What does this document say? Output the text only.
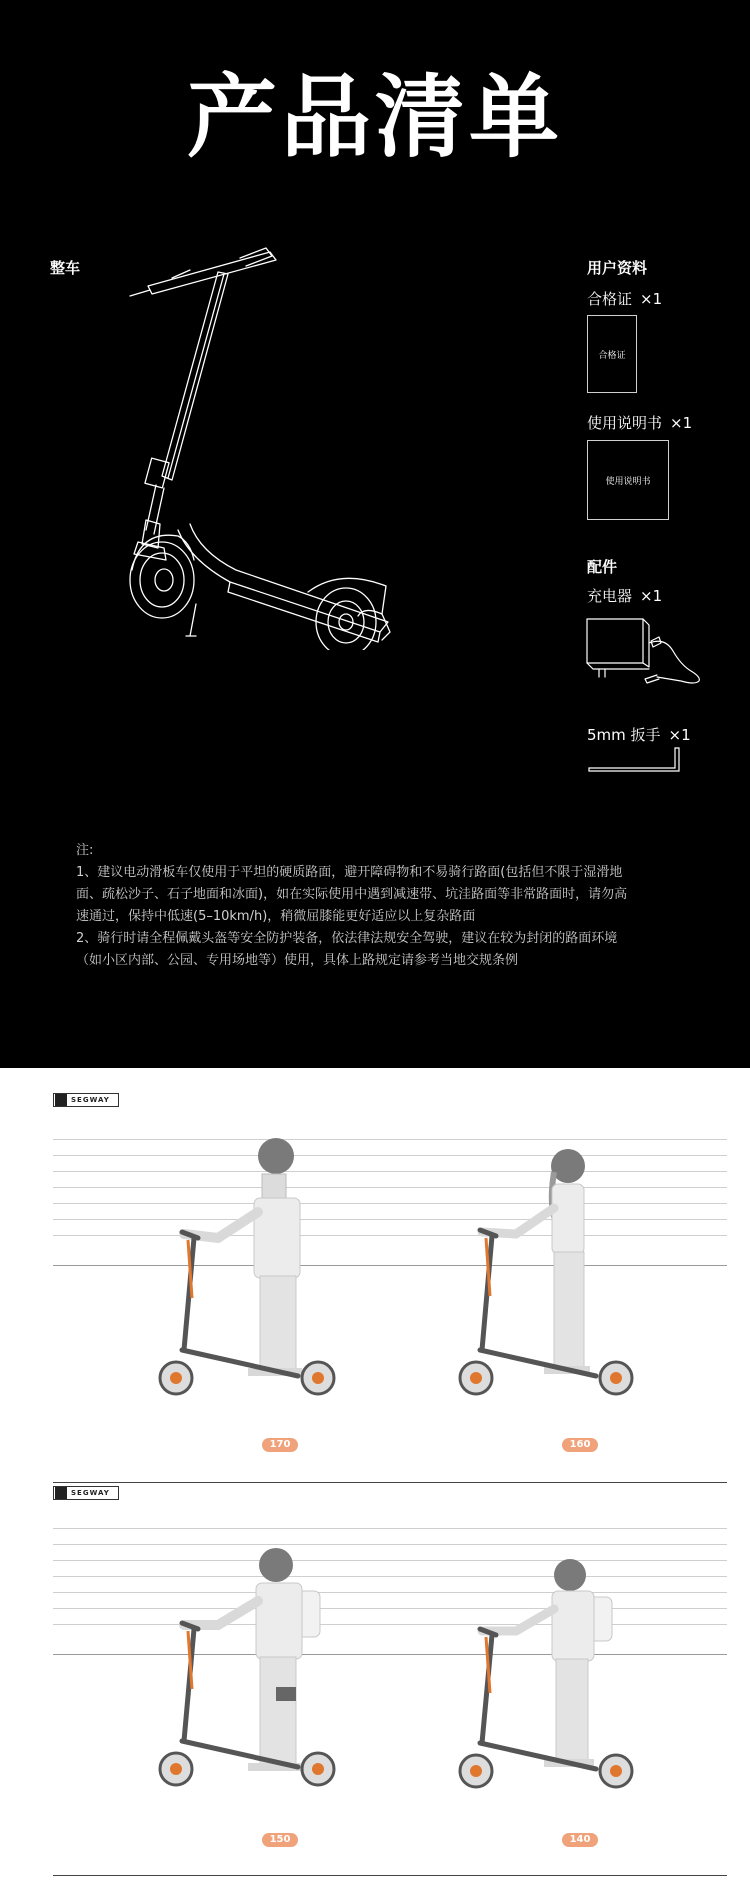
产品清单
整车	用户资料
合格证 ×1
合格证
使用说明书 ×1
使用说明书
配件
充电器 ×1
5mm 扳手 ×1

注:

1、建议电动滑板车仅使用于平坦的硬质路面，避开障碍物和不易骑行路面(包括但不限于湿滑地

面、疏松沙子、石子地面和冰面)，如在实际使用中遇到减速带、坑洼路面等非常路面时，请勿高

速通过，保持中低速(5–10km/h)，稍微屈膝能更好适应以上复杂路面

2、骑行时请全程佩戴头盔等安全防护装备，依法律法规安全驾驶，建议在较为封闭的路面环境

（如小区内部、公园、专用场地等）使用，具体上路规定请参考当地交规条例

SEGWAY
170	160
SEGWAY
150	140
